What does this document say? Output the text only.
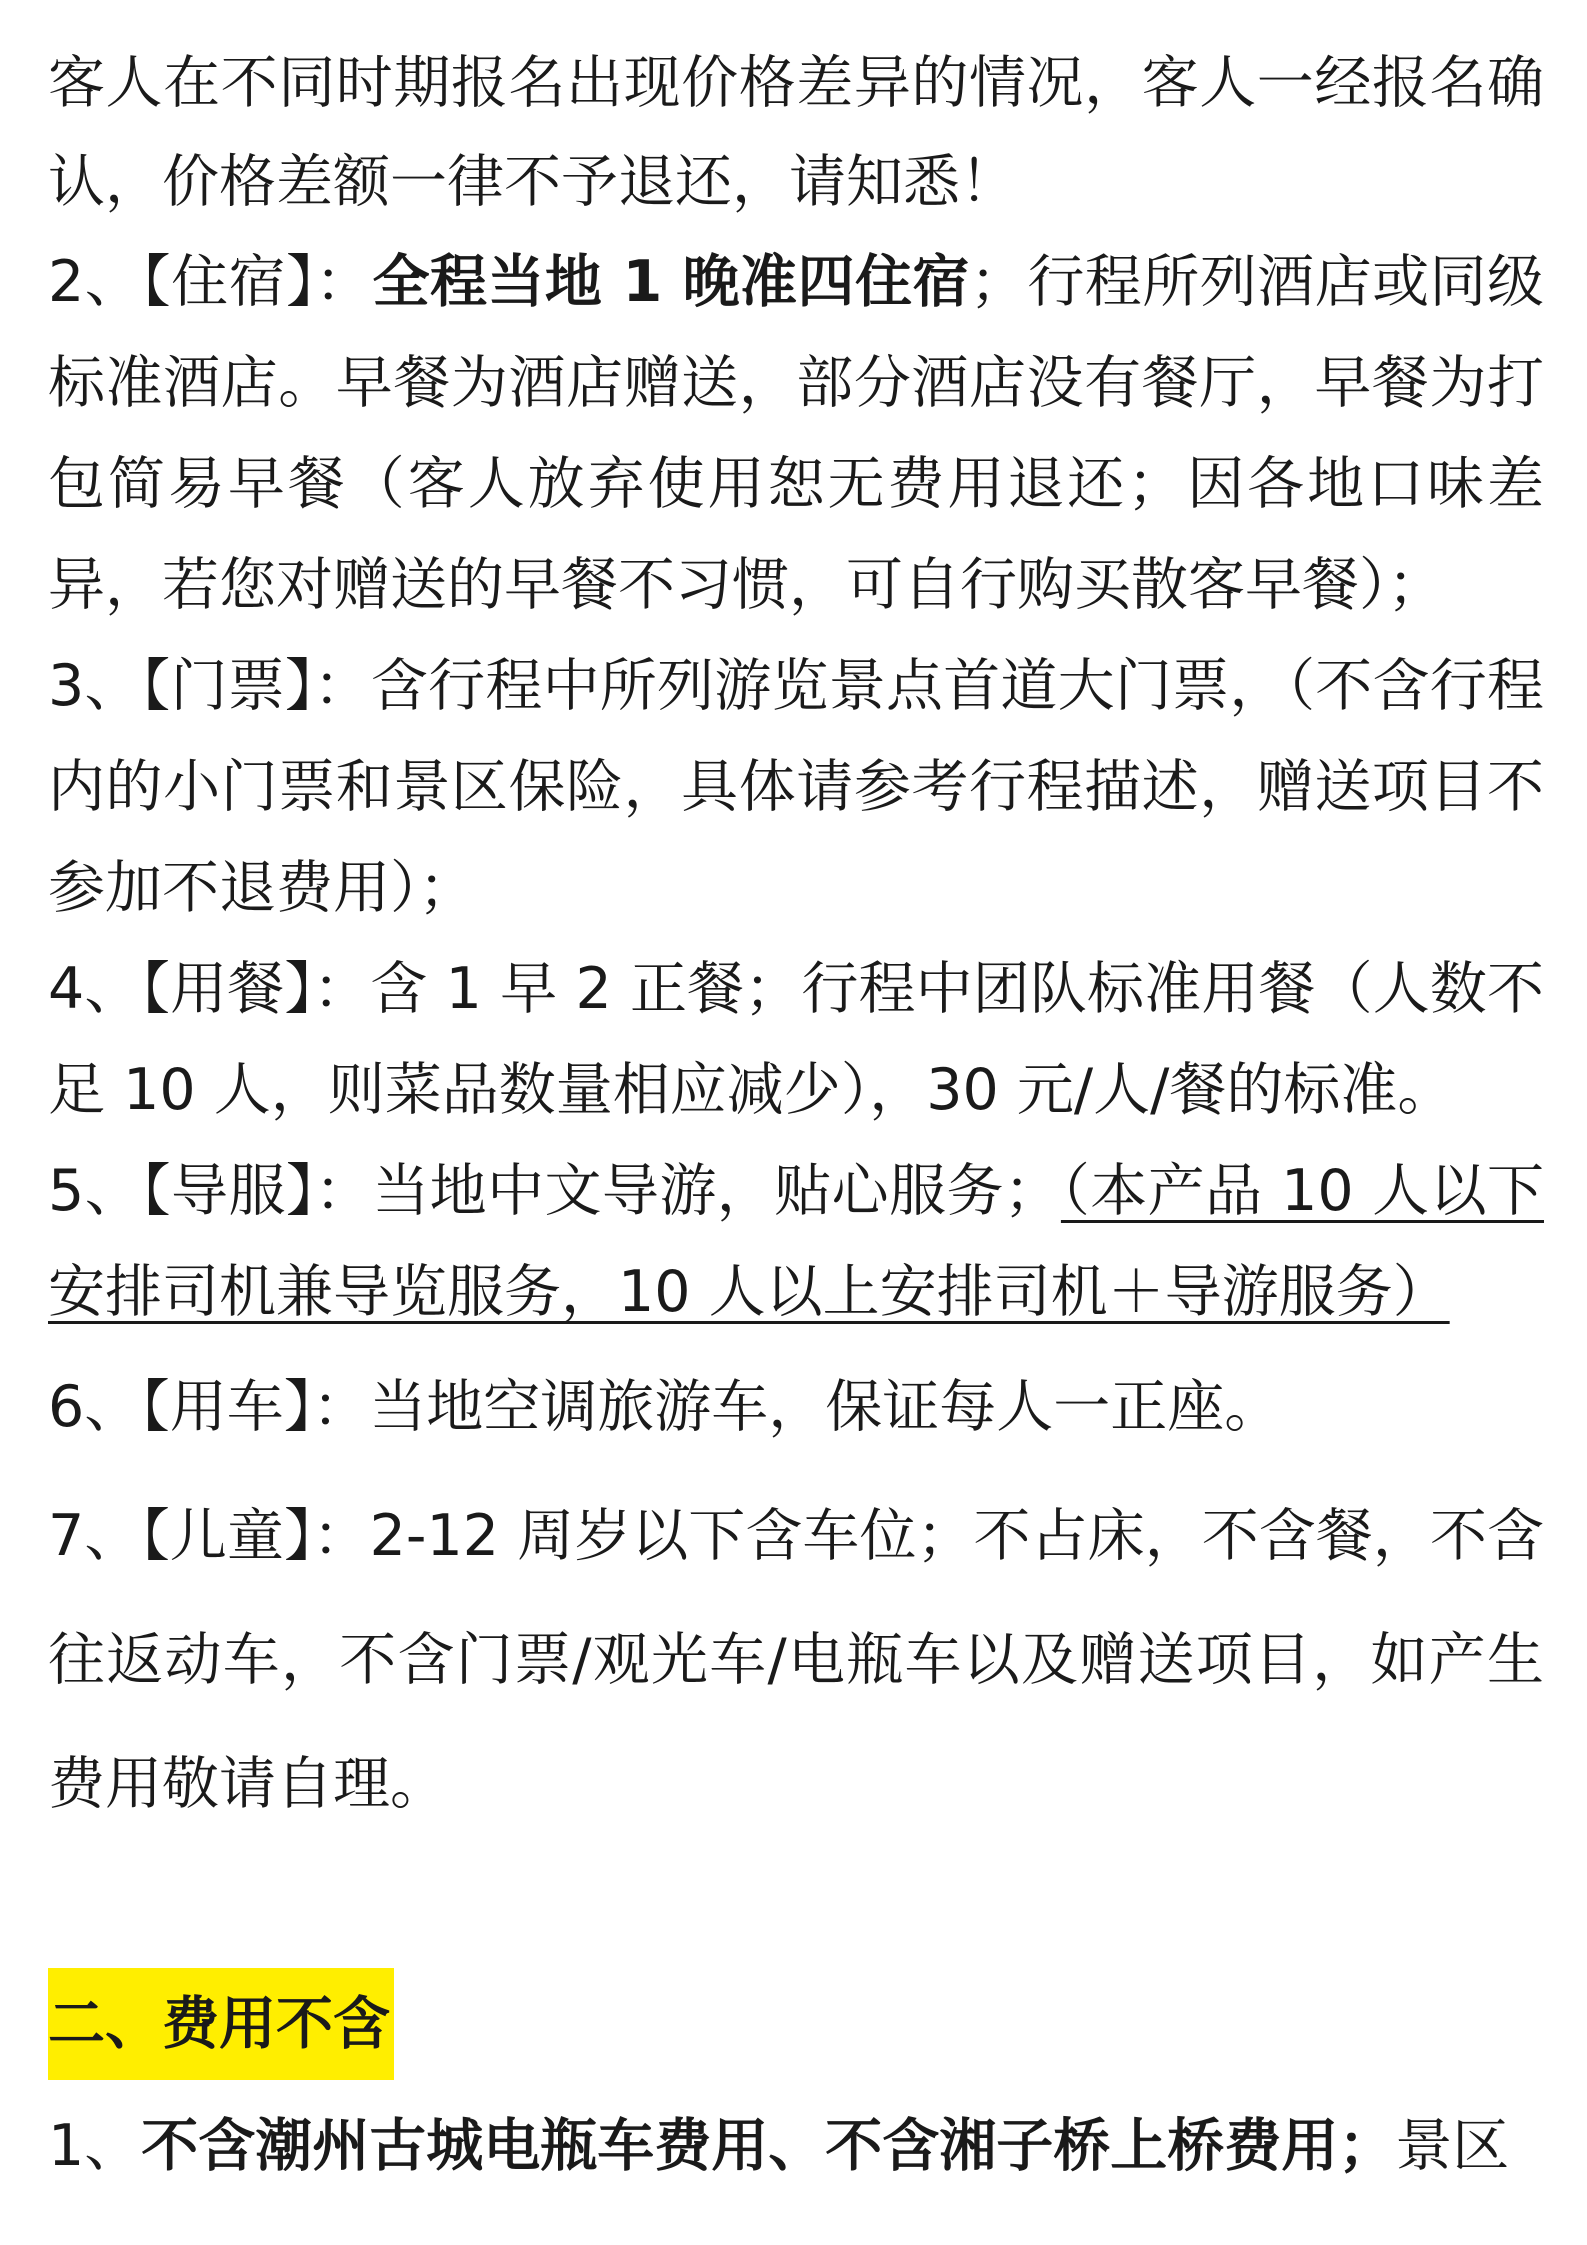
客人在不同时期报名出现价格差异的情况，客人一经报名确认，价格差额一律不予退还，请知悉！

2、【住宿】：全程当地 1 晚准四住宿；行程所列酒店或同级标准酒店。早餐为酒店赠送，部分酒店没有餐厅，早餐为打包简易早餐（客人放弃使用恕无费用退还；因各地口味差异，若您对赠送的早餐不习惯，可自行购买散客早餐）；

3、【门票】：含行程中所列游览景点首道大门票，（不含行程内的小门票和景区保险，具体请参考行程描述，赠送项目不参加不退费用）；

4、【用餐】：含 1 早 2 正餐；行程中团队标准用餐（人数不足 10 人，则菜品数量相应减少），30 元/人/餐的标准。

5、【导服】：当地中文导游，贴心服务；（本产品 10 人以下安排司机兼导览服务，10 人以上安排司机＋导游服务）

6、【用车】：当地空调旅游车，保证每人一正座。

7、【儿童】：2-12 周岁以下含车位；不占床，不含餐，不含往返动车，不含门票/观光车/电瓶车以及赠送项目，如产生费用敬请自理。

二、费用不含

1、不含潮州古城电瓶车费用、不含湘子桥上桥费用；景区
